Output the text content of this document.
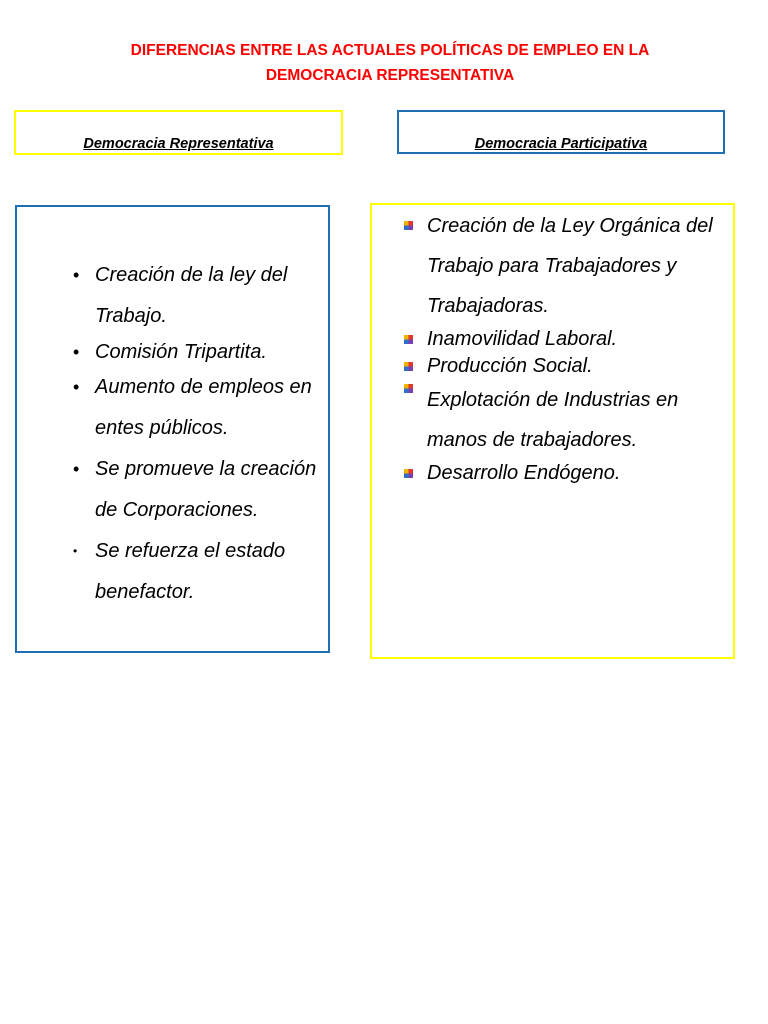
DIFERENCIAS ENTRE LAS ACTUALES POLÍTICAS DE EMPLEO EN LA
DEMOCRACIA REPRESENTATIVA
Democracia Representativa	Democracia Participativa
• Creación de la ley del Trabajo.
• Comisión Tripartita.
• Aumento de empleos en entes públicos.
• Se promueve la creación de Corporaciones.
• Se refuerza el estado benefactor.
Creación de la Ley Orgánica del Trabajo para Trabajadores y Trabajadoras.
Inamovilidad Laboral.
Producción Social.
Explotación de Industrias en manos de trabajadores.
Desarrollo Endógeno.
